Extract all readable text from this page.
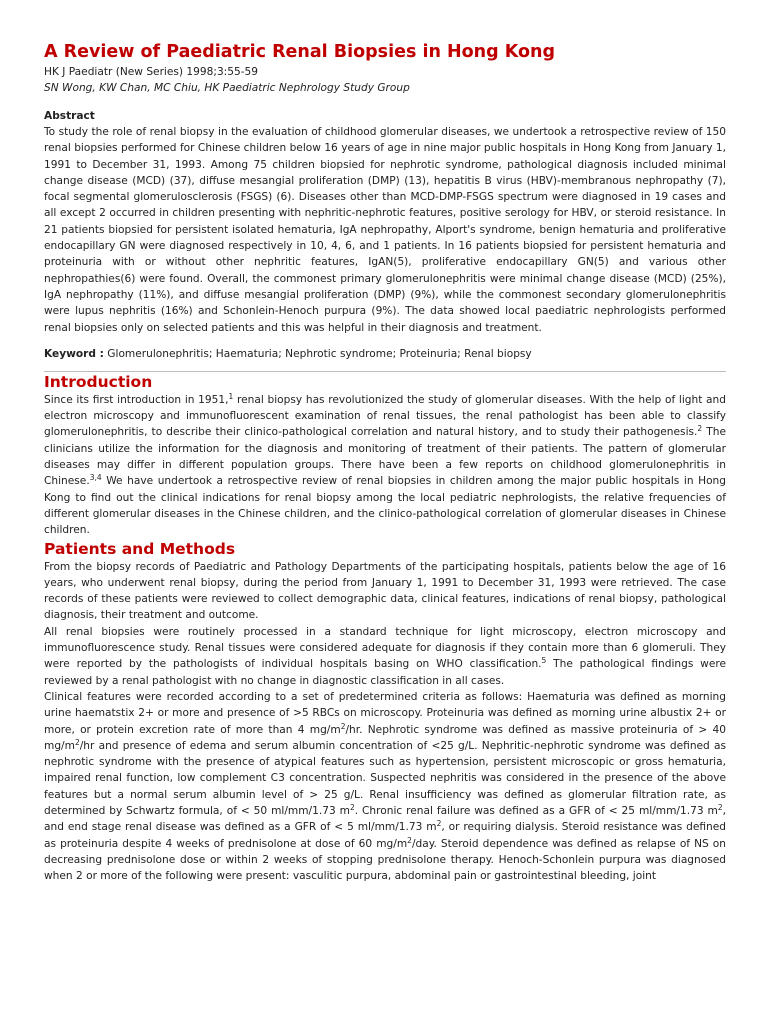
A Review of Paediatric Renal Biopsies in Hong Kong
HK J Paediatr (New Series) 1998;3:55-59
SN Wong, KW Chan, MC Chiu, HK Paediatric Nephrology Study Group
Abstract

To study the role of renal biopsy in the evaluation of childhood glomerular diseases, we undertook a retrospective review of 150 renal biopsies performed for Chinese children below 16 years of age in nine major public hospitals in Hong Kong from January 1, 1991 to December 31, 1993. Among 75 children biopsied for nephrotic syndrome, pathological diagnosis included minimal change disease (MCD) (37), diffuse mesangial proliferation (DMP) (13), hepatitis B virus (HBV)-membranous nephropathy (7), focal segmental glomerulosclerosis (FSGS) (6). Diseases other than MCD-DMP-FSGS spectrum were diagnosed in 19 cases and all except 2 occurred in children presenting with nephritic-nephrotic features, positive serology for HBV, or steroid resistance. In 21 patients biopsied for persistent isolated hematuria, IgA nephropathy, Alport's syndrome, benign hematuria and proliferative endocapillary GN were diagnosed respectively in 10, 4, 6, and 1 patients. In 16 patients biopsied for persistent hematuria and proteinuria with or without other nephritic features, IgAN(5), proliferative endocapillary GN(5) and various other nephropathies(6) were found. Overall, the commonest primary glomerulonephritis were minimal change disease (MCD) (25%), IgA nephropathy (11%), and diffuse mesangial proliferation (DMP) (9%), while the commonest secondary glomerulonephritis were lupus nephritis (16%) and Schonlein-Henoch purpura (9%). The data showed local paediatric nephrologists performed renal biopsies only on selected patients and this was helpful in their diagnosis and treatment.

Keyword : Glomerulonephritis; Haematuria; Nephrotic syndrome; Proteinuria; Renal biopsy
Introduction

Since its first introduction in 1951,$^1$ renal biopsy has revolutionized the study of glomerular diseases. With the help of light and electron microscopy and immunofluorescent examination of renal tissues, the renal pathologist has been able to classify glomerulonephritis, to describe their clinico-pathological correlation and natural history, and to study their pathogenesis.$^2$ The clinicians utilize the information for the diagnosis and monitoring of treatment of their patients. The pattern of glomerular diseases may differ in different population groups. There have been a few reports on childhood glomerulonephritis in Chinese.$^{3,4}$ We have undertook a retrospective review of renal biopsies in children among the major public hospitals in Hong Kong to find out the clinical indications for renal biopsy among the local pediatric nephrologists, the relative frequencies of different glomerular diseases in the Chinese children, and the clinico-pathological correlation of glomerular diseases in Chinese children.

Patients and Methods

From the biopsy records of Paediatric and Pathology Departments of the participating hospitals, patients below the age of 16 years, who underwent renal biopsy, during the period from January 1, 1991 to December 31, 1993 were retrieved. The case records of these patients were reviewed to collect demographic data, clinical features, indications of renal biopsy, pathological diagnosis, their treatment and outcome.

All renal biopsies were routinely processed in a standard technique for light microscopy, electron microscopy and immunofluorescence study. Renal tissues were considered adequate for diagnosis if they contain more than 6 glomeruli. They were reported by the pathologists of individual hospitals basing on WHO classification.$^5$ The pathological findings were reviewed by a renal pathologist with no change in diagnostic classification in all cases.

Clinical features were recorded according to a set of predetermined criteria as follows: Haematuria was defined as morning urine haematstix 2+ or more and presence of >5 RBCs on microscopy. Proteinuria was defined as morning urine albustix 2+ or more, or protein excretion rate of more than 4 $mg/m^2/hr$. Nephrotic syndrome was defined as massive proteinuria of > 40 $mg/m^2/hr$ and presence of edema and serum albumin concentration of <25 g/L. Nephritic-nephrotic syndrome was defined as nephrotic syndrome with the presence of atypical features such as hypertension, persistent microscopic or gross hematuria, impaired renal function, low complement C3 concentration. Suspected nephritis was considered in the presence of the above features but a normal serum albumin level of > 25 g/L. Renal insufficiency was defined as glomerular filtration rate, as determined by Schwartz formula, of < 50 ml/mm/1.73 $m^2$. Chronic renal failure was defined as a GFR of < 25 ml/mm/1.73 $m^2$, and end stage renal disease was defined as a GFR of < 5 ml/mm/1.73 $m^2$, or requiring dialysis. Steroid resistance was defined as proteinuria despite 4 weeks of prednisolone at dose of 60 $mg/m^2$/day. Steroid dependence was defined as relapse of NS on decreasing prednisolone dose or within 2 weeks of stopping prednisolone therapy. Henoch-Schonlein purpura was diagnosed when 2 or more of the following were present: vasculitic purpura, abdominal pain or gastrointestinal bleeding, joint
